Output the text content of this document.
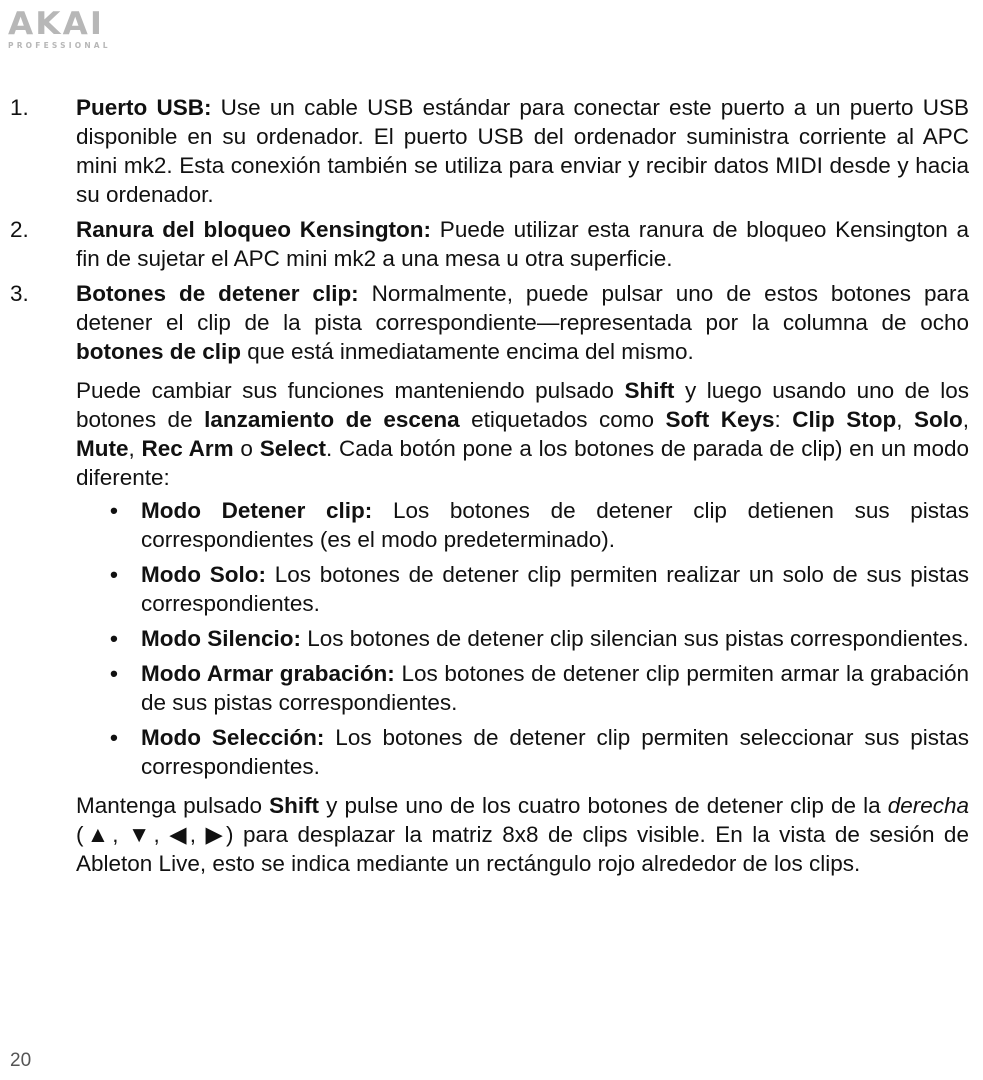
AKAI
PROFESSIONAL
1. Puerto USB: Use un cable USB estándar para conectar este puerto a un puerto USB disponible en su ordenador. El puerto USB del ordenador suministra corriente al APC mini mk2. Esta conexión también se utiliza para enviar y recibir datos MIDI desde y hacia su ordenador.
2. Ranura del bloqueo Kensington: Puede utilizar esta ranura de bloqueo Kensington a fin de sujetar el APC mini mk2 a una mesa u otra superficie.
3. Botones de detener clip: Normalmente, puede pulsar uno de estos botones para detener el clip de la pista correspondiente—representada por la columna de ocho botones de clip que está inmediatamente encima del mismo.
Puede cambiar sus funciones manteniendo pulsado Shift y luego usando uno de los botones de lanzamiento de escena etiquetados como Soft Keys: Clip Stop, Solo, Mute, Rec Arm o Select. Cada botón pone a los botones de parada de clip) en un modo diferente:
• Modo Detener clip: Los botones de detener clip detienen sus pistas correspondientes (es el modo predeterminado).
• Modo Solo: Los botones de detener clip permiten realizar un solo de sus pistas correspondientes.
• Modo Silencio: Los botones de detener clip silencian sus pistas correspondientes.
• Modo Armar grabación: Los botones de detener clip permiten armar la grabación de sus pistas correspondientes.
• Modo Selección: Los botones de detener clip permiten seleccionar sus pistas correspondientes.
Mantenga pulsado Shift y pulse uno de los cuatro botones de detener clip de la derecha (▲, ▼, ◀, ▶) para desplazar la matriz 8x8 de clips visible. En la vista de sesión de Ableton Live, esto se indica mediante un rectángulo rojo alrededor de los clips.
20
